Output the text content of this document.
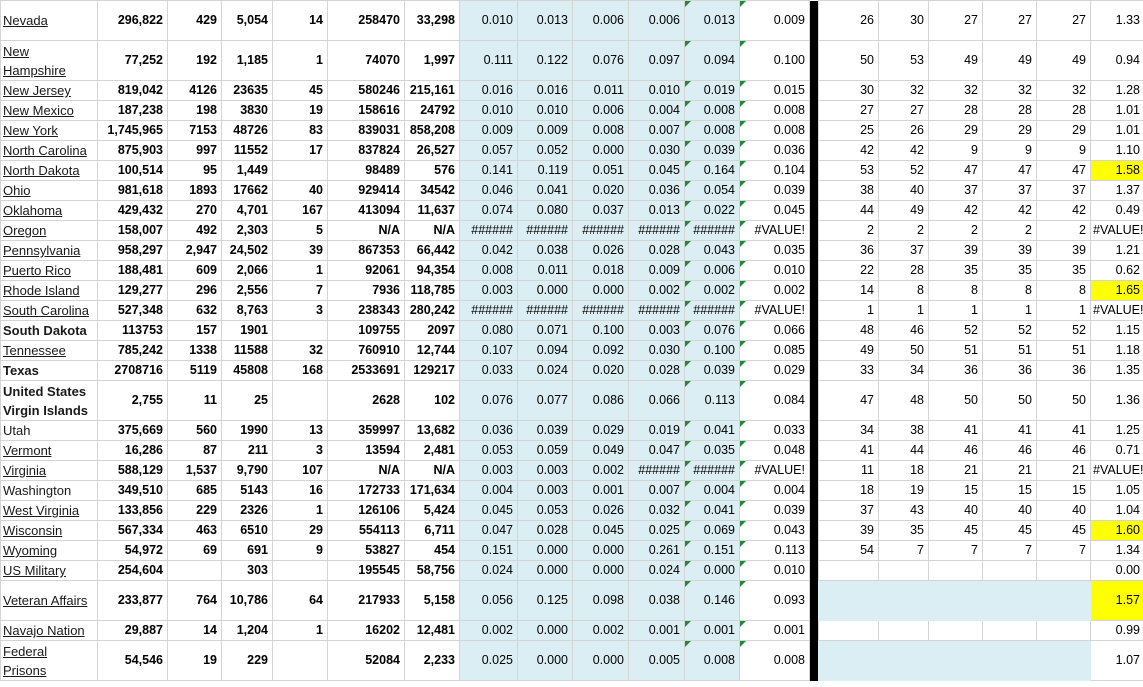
Nevada	296,822	429	5,054	14	258470	33,298	0.010	0.013	0.006	0.006	0.013	0.009		26	30	27	27	27	1.33
New Hampshire	77,252	192	1,185	1	74070	1,997	0.111	0.122	0.076	0.097	0.094	0.100		50	53	49	49	49	0.94
New Jersey	819,042	4126	23635	45	580246	215,161	0.016	0.016	0.011	0.010	0.019	0.015		30	32	32	32	32	1.28
New Mexico	187,238	198	3830	19	158616	24792	0.010	0.010	0.006	0.004	0.008	0.008		27	27	28	28	28	1.01
New York	1,745,965	7153	48726	83	839031	858,208	0.009	0.009	0.008	0.007	0.008	0.008		25	26	29	29	29	1.01
North Carolina	875,903	997	11552	17	837824	26,527	0.057	0.052	0.000	0.030	0.039	0.036		42	42	9	9	9	1.10
North Dakota	100,514	95	1,449		98489	576	0.141	0.119	0.051	0.045	0.164	0.104		53	52	47	47	47	1.58
Ohio	981,618	1893	17662	40	929414	34542	0.046	0.041	0.020	0.036	0.054	0.039		38	40	37	37	37	1.37
Oklahoma	429,432	270	4,701	167	413094	11,637	0.074	0.080	0.037	0.013	0.022	0.045		44	49	42	42	42	0.49
Oregon	158,007	492	2,303	5	N/A	N/A	######	######	######	######	######	#VALUE!		2	2	2	2	2	#VALUE!
Pennsylvania	958,297	2,947	24,502	39	867353	66,442	0.042	0.038	0.026	0.028	0.043	0.035		36	37	39	39	39	1.21
Puerto Rico	188,481	609	2,066	1	92061	94,354	0.008	0.011	0.018	0.009	0.006	0.010		22	28	35	35	35	0.62
Rhode Island	129,277	296	2,556	7	7936	118,785	0.003	0.000	0.000	0.002	0.002	0.002		14	8	8	8	8	1.65
South Carolina	527,348	632	8,763	3	238343	280,242	######	######	######	######	######	#VALUE!		1	1	1	1	1	#VALUE!
South Dakota	113753	157	1901		109755	2097	0.080	0.071	0.100	0.003	0.076	0.066		48	46	52	52	52	1.15
Tennessee	785,242	1338	11588	32	760910	12,744	0.107	0.094	0.092	0.030	0.100	0.085		49	50	51	51	51	1.18
Texas	2708716	5119	45808	168	2533691	129217	0.033	0.024	0.020	0.028	0.039	0.029		33	34	36	36	36	1.35
United States Virgin Islands	2,755	11	25		2628	102	0.076	0.077	0.086	0.066	0.113	0.084		47	48	50	50	50	1.36
Utah	375,669	560	1990	13	359997	13,682	0.036	0.039	0.029	0.019	0.041	0.033		34	38	41	41	41	1.25
Vermont	16,286	87	211	3	13594	2,481	0.053	0.059	0.049	0.047	0.035	0.048		41	44	46	46	46	0.71
Virginia	588,129	1,537	9,790	107	N/A	N/A	0.003	0.003	0.002	######	######	#VALUE!		11	18	21	21	21	#VALUE!
Washington	349,510	685	5143	16	172733	171,634	0.004	0.003	0.001	0.007	0.004	0.004		18	19	15	15	15	1.05
West Virginia	133,856	229	2326	1	126106	5,424	0.045	0.053	0.026	0.032	0.041	0.039		37	43	40	40	40	1.04
Wisconsin	567,334	463	6510	29	554113	6,711	0.047	0.028	0.045	0.025	0.069	0.043		39	35	45	45	45	1.60
Wyoming	54,972	69	691	9	53827	454	0.151	0.000	0.000	0.261	0.151	0.113		54	7	7	7	7	1.34
US Military	254,604		303		195545	58,756	0.024	0.000	0.000	0.024	0.000	0.010							0.00
Veteran Affairs	233,877	764	10,786	64	217933	5,158	0.056	0.125	0.098	0.038	0.146	0.093							1.57
Navajo Nation	29,887	14	1,204	1	16202	12,481	0.002	0.000	0.002	0.001	0.001	0.001							0.99
Federal Prisons	54,546	19	229		52084	2,233	0.025	0.000	0.000	0.005	0.008	0.008							1.07
